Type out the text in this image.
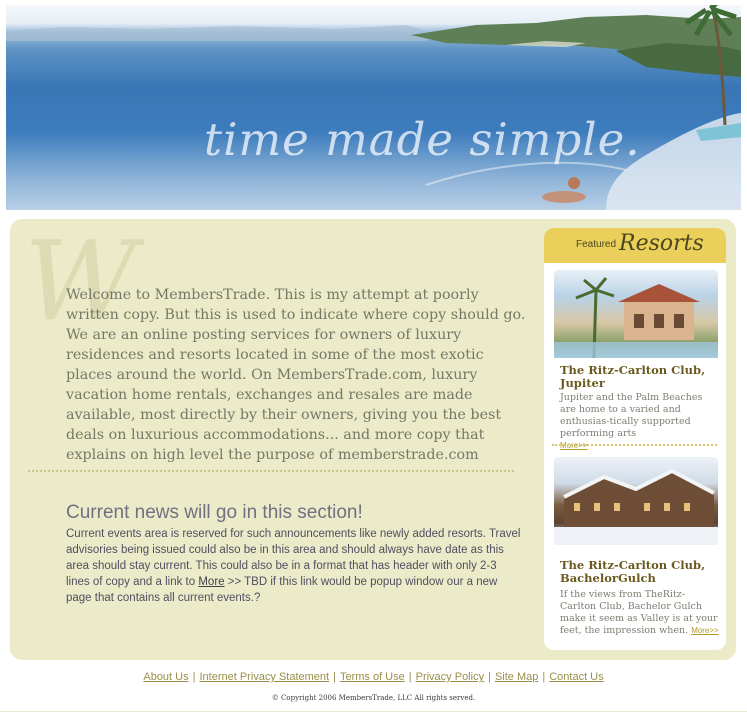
time made simple.
W

Welcome to MembersTrade. This is my attempt at poorly written copy. But this is used to indicate where copy should go. We are an online posting services for owners of luxury residences and resorts located in some of the most exotic places around the world. On MembersTrade.com, luxury vacation home rentals, exchanges and resales are made available, most directly by their owners, giving you the best deals on luxurious accommodations... and more copy that explains on high level the purpose of memberstrade.com

Current news will go in this section!
Current events area is reserved for such announcements like newly added resorts. Travel advisories being issued could also be in this area and should always have date as this area should stay current. This could also be in a format that has header with only 2-3 lines of copy and a link to More >> TBD if this link would be popup window our a new page that contains all current events.?
Featured Resorts
The Ritz-Carlton Club, Jupiter
Jupiter and the Palm Beaches are home to a varied and enthusias-tically supported performing arts
More>>
The Ritz-Carlton Club, BachelorGulch
If the views from TheRitz-Carlton Club, Bachelor Gulch make it seem as Valley is at your feet, the impression when. More>>
About Us | Internet Privacy Statement | Terms of Use | Privacy Policy | Site Map | Contact Us
© Copyright 2006 MembersTrade, LLC All rights served.
